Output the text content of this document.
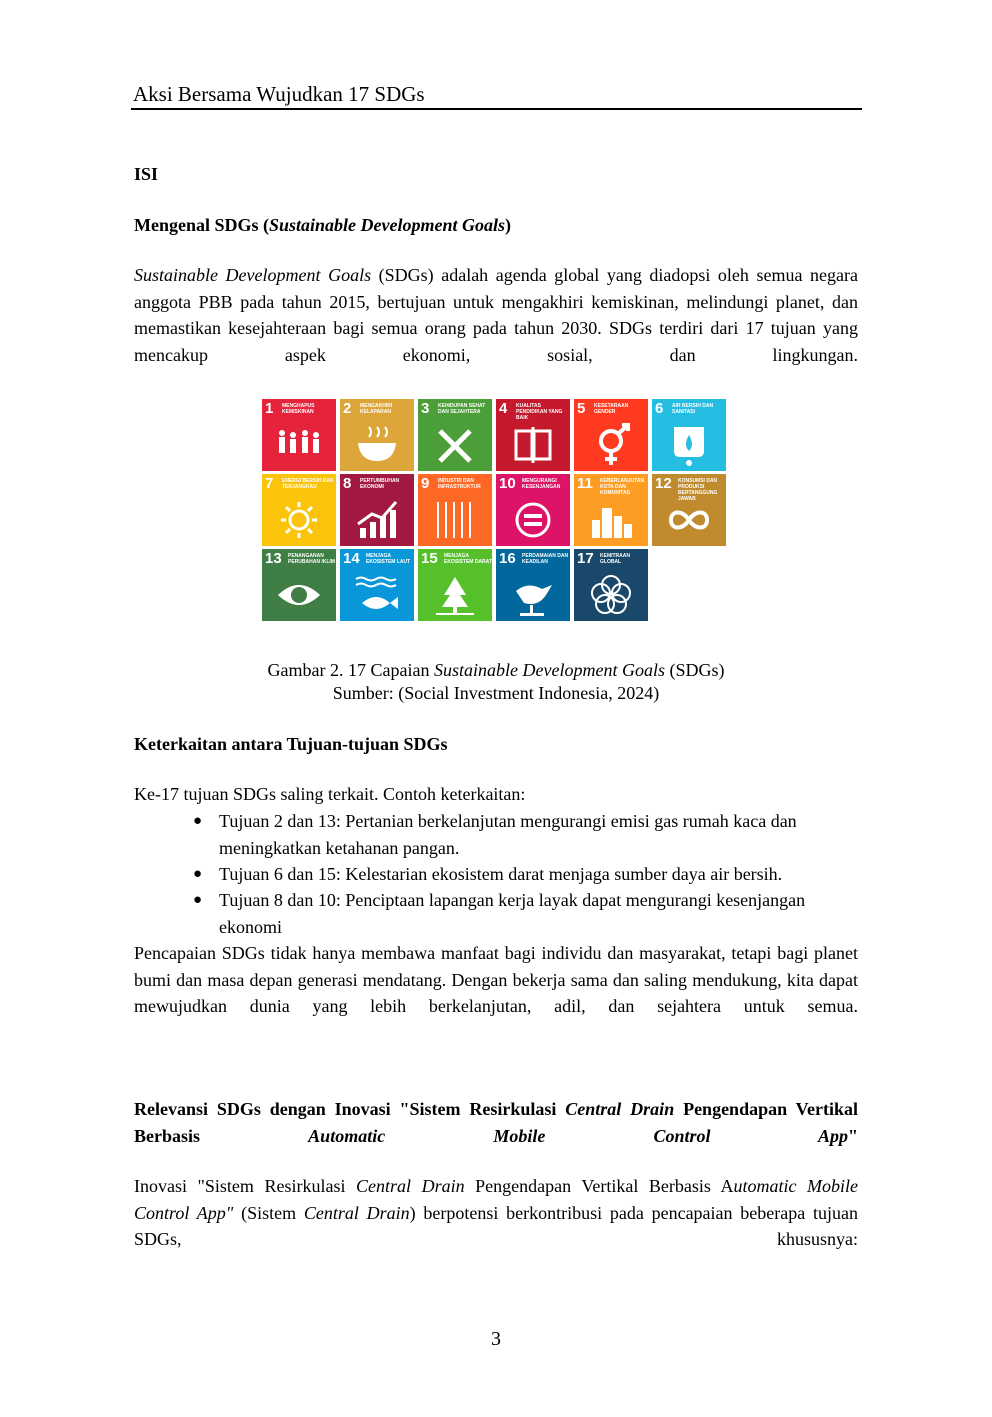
Aksi Bersama Wujudkan 17 SDGs
ISI
Mengenal SDGs (Sustainable Development Goals)
Sustainable Development Goals (SDGs) adalah agenda global yang diadopsi oleh semua negara anggota PBB pada tahun 2015, bertujuan untuk mengakhiri kemiskinan, melindungi planet, dan memastikan kesejahteraan bagi semua orang pada tahun 2030. SDGs terdiri dari 17 tujuan yang mencakup aspek ekonomi, sosial, dan lingkungan.
1 MENGHAPUS KEMISKINAN	2 MENGAKHIRI KELAPARAN	3 KEHIDUPAN SEHAT DAN SEJAHTERA	4 KUALITAS PENDIDIKAN YANG BAIK
5 KESETARAAN GENDER	6 AIR BERSIH DAN SANITASI
7 ENERGI BERSIH DAN TERJANGKAU	8 PERTUMBUHAN EKONOMI	9 INDUSTRI DAN INFRASTRUKTUR	10 MENGURANGI KESENJANGAN	11 KEBERLANJUTAN KOTA DAN KOMUNITAS
12 KONSUMSI DAN PRODUKSI BERTANGGUNG JAWAB
13 PENANGANAN PERUBAHAN IKLIM 14 MENJAGA EKOSISTEM LAUT 15 MENJAGA EKOSISTEM DARAT 16 PERDAMAIAN DAN KEADILAN	17 KEMITRAAN GLOBAL
Gambar 2. 17 Capaian Sustainable Development Goals (SDGs)
Sumber: (Social Investment Indonesia, 2024)
Keterkaitan antara Tujuan-tujuan SDGs
Ke-17 tujuan SDGs saling terkait. Contoh keterkaitan:
● Tujuan 2 dan 13: Pertanian berkelanjutan mengurangi emisi gas rumah kaca dan
meningkatkan ketahanan pangan.
● Tujuan 6 dan 15: Kelestarian ekosistem darat menjaga sumber daya air bersih.
● Tujuan 8 dan 10: Penciptaan lapangan kerja layak dapat mengurangi kesenjangan
ekonomi
Pencapaian SDGs tidak hanya membawa manfaat bagi individu dan masyarakat, tetapi bagi planet bumi dan masa depan generasi mendatang. Dengan bekerja sama dan saling mendukung, kita dapat mewujudkan dunia yang lebih berkelanjutan, adil, dan sejahtera untuk semua.
Relevansi SDGs dengan Inovasi "Sistem Resirkulasi Central Drain Pengendapan Vertikal Berbasis Automatic Mobile Control App"
Inovasi "Sistem Resirkulasi Central Drain Pengendapan Vertikal Berbasis Automatic Mobile Control App" (Sistem Central Drain) berpotensi berkontribusi pada pencapaian beberapa tujuan SDGs, khususnya:
3
